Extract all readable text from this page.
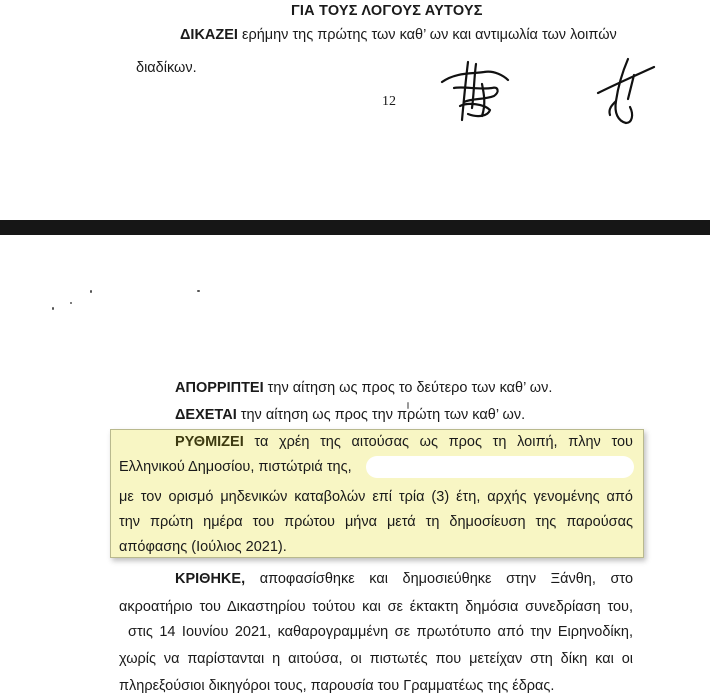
ΓΙΑ ΤΟΥΣ ΛΟΓΟΥΣ ΑΥΤΟΥΣ
ΔΙΚΑΖΕΙ ερήμην της πρώτης των καθ’ ων και αντιμωλία των λοιπών
διαδίκων.
12
ΑΠΟΡΡΙΠΤΕΙ την αίτηση ως προς το δεύτερο των καθ’ ων.
ΔΕΧΕΤΑΙ την αίτηση ως προς την πρώτη των καθ’ ων.
ΡΥΘΜΙΖΕΙ τα χρέη της αιτούσας ως προς τη λοιπή, πλην του
Ελληνικού Δημοσίου, πιστώτριά της,
με τον ορισμό μηδενικών καταβολών επί τρία (3) έτη, αρχής γενομένης από
την πρώτη ημέρα του πρώτου μήνα μετά τη δημοσίευση της παρούσας
απόφασης (Ιούλιος 2021).
ΚΡΙΘΗΚΕ, αποφασίσθηκε και δημοσιεύθηκε στην Ξάνθη, στο
ακροατήριο του Δικαστηρίου τούτου και σε έκτακτη δημόσια συνεδρίαση του,
στις 14 Ιουνίου 2021, καθαρογραμμένη σε πρωτότυπο από την Ειρηνοδίκη,
χωρίς να παρίστανται η αιτούσα, οι πιστωτές που μετείχαν στη δίκη και οι
πληρεξούσιοι δικηγόροι τους, παρουσία του Γραμματέως της έδρας.
